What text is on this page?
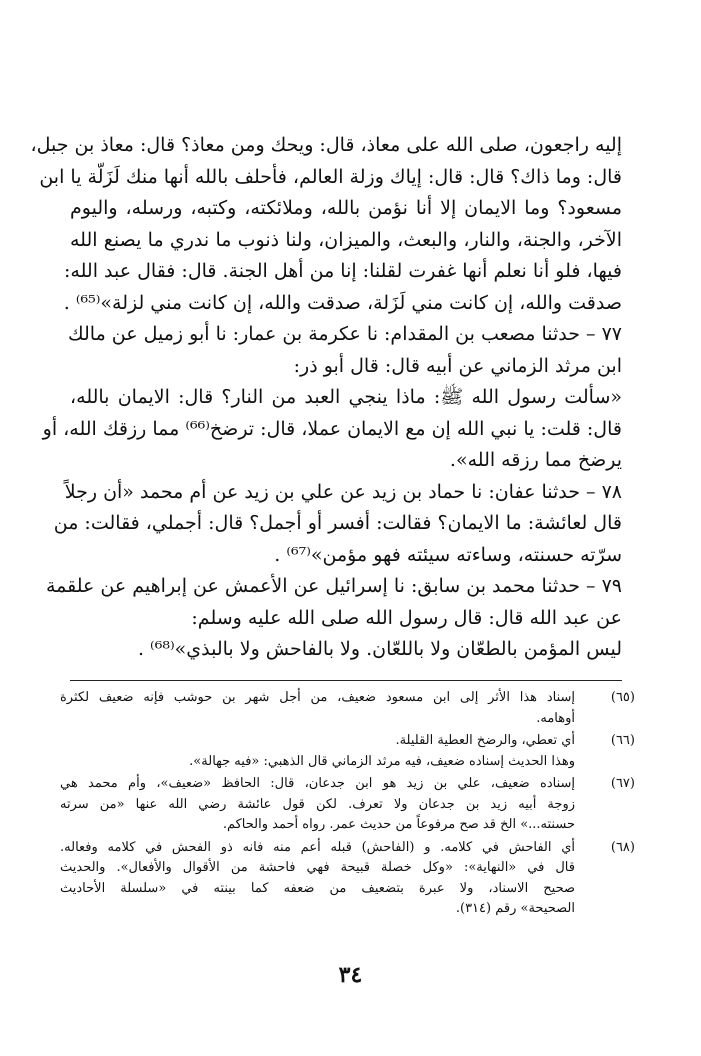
إليه راجعون، صلى الله على معاذ، قال: ويحك ومن معاذ؟ قال: معاذ بن جبل،
قال: وما ذاك؟ قال: قال: إياك وزلة العالم، فأحلف بالله أنها منك لَزَلّة يا ابن
مسعود؟ وما الايمان إلا أنا نؤمن بالله، وملائكته، وكتبه، ورسله، واليوم
الآخر، والجنة، والنار، والبعث، والميزان، ولنا ذنوب ما ندري ما يصنع الله
فيها، فلو أنا نعلم أنها غفرت لقلنا: إنا من أهل الجنة. قال: فقال عبد الله:
صدقت والله، إن كانت مني لَزَلة، صدقت والله، إن كانت مني لزلة»⁽⁶⁵⁾ .
٧٧ – حدثنا مصعب بن المقدام: نا عكرمة بن عمار: نا أبو زميل عن مالك
ابن مرثد الزماني عن أبيه قال: قال أبو ذر:
«سألت رسول الله ﷺ: ماذا ينجي العبد من النار؟ قال: الايمان بالله،
قال: قلت: يا نبي الله إن مع الايمان عملا، قال: ترضخ⁽⁶⁶⁾ مما رزقك الله، أو
يرضخ مما رزقه الله».
٧٨ – حدثنا عفان: نا حماد بن زيد عن علي بن زيد عن أم محمد «أن رجلاً
قال لعائشة: ما الايمان؟ فقالت: أفسر أو أجمل؟ قال: أجملي، فقالت: من
سرّته حسنته، وساءته سيئته فهو مؤمن»⁽⁶⁷⁾ .
٧٩ – حدثنا محمد بن سابق: نا إسرائيل عن الأعمش عن إبراهيم عن علقمة
عن عبد الله قال: قال رسول الله صلى الله عليه وسلم:
ليس المؤمن بالطعّان ولا باللعّان. ولا بالفاحش ولا بالبذي»⁽⁶⁸⁾ .
(٦٥)
إسناد هذا الأثر إلى ابن مسعود ضعيف، من أجل شهر بن حوشب فإنه ضعيف لكثرة
أوهامه.
(٦٦)
أي تعطي، والرضخ العطية القليلة.
وهذا الحديث إسناده ضعيف، فيه مرثد الزماني قال الذهبي: «فيه جهالة».
(٦٧)
إسناده ضعيف، علي بن زيد هو ابن جدعان، قال: الحافظ «ضعيف»، وأم محمد هي
زوجة أبيه زيد بن جدعان ولا تعرف. لكن قول عائشة رضي الله عنها «من سرته
حسنته...» الخ قد صح مرفوعاً من حديث عمر. رواه أحمد والحاكم.
(٦٨)
أي الفاحش في كلامه. و (الفاحش) قبله أعم منه فانه ذو الفحش في كلامه وفعاله.
قال في «النهاية»: «وكل خصلة قبيحة فهي فاحشة من الأقوال والأفعال». والحديث
صحيح الاسناد، ولا عبرة بتضعيف من ضعفه كما بينته في «سلسلة الأحاديث
الصحيحة» رقم (٣١٤).
٣٤
